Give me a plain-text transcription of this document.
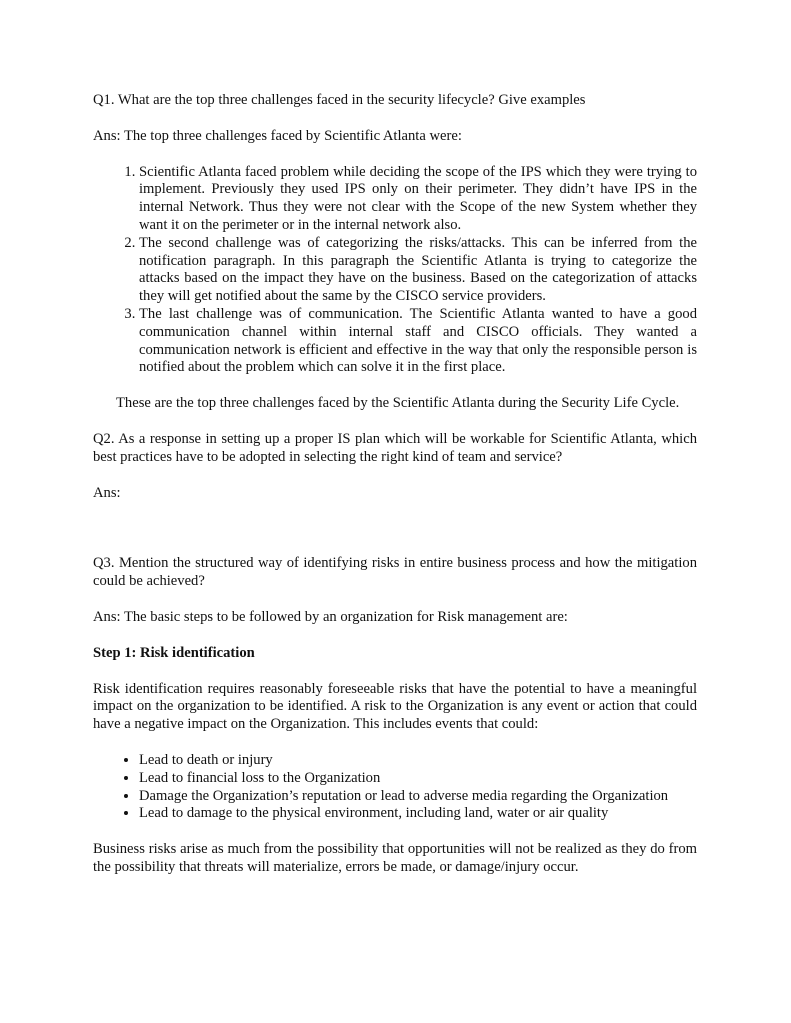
Q1. What are the top three challenges faced in the security lifecycle? Give examples

Ans: The top three challenges faced by Scientific Atlanta were:

1. Scientific Atlanta faced problem while deciding the scope of the IPS which they were trying to implement. Previously they used IPS only on their perimeter. They didn’t have IPS in the internal Network. Thus they were not clear with the Scope of the new System whether they want it on the perimeter or in the internal network also.
2. The second challenge was of categorizing the risks/attacks. This can be inferred from the notification paragraph. In this paragraph the Scientific Atlanta is trying to categorize the attacks based on the impact they have on the business. Based on the categorization of attacks they will get notified about the same by the CISCO service providers.
3. The last challenge was of communication. The Scientific Atlanta wanted to have a good communication channel within internal staff and CISCO officials. They wanted a communication network is efficient and effective in the way that only the responsible person is notified about the problem which can solve it in the first place.

These are the top three challenges faced by the Scientific Atlanta during the Security Life Cycle.

Q2. As a response in setting up a proper IS plan which will be workable for Scientific Atlanta, which best practices have to be adopted in selecting the right kind of team and service?

Ans:

Q3. Mention the structured way of identifying risks in entire business process and how the mitigation could be achieved?

Ans: The basic steps to be followed by an organization for Risk management are:

Step 1: Risk identification

Risk identification requires reasonably foreseeable risks that have the potential to have a meaningful impact on the organization to be identified. A risk to the Organization is any event or action that could have a negative impact on the Organization. This includes events that could:

• Lead to death or injury
• Lead to financial loss to the Organization
• Damage the Organization’s reputation or lead to adverse media regarding the Organization
• Lead to damage to the physical environment, including land, water or air quality

Business risks arise as much from the possibility that opportunities will not be realized as they do from the possibility that threats will materialize, errors be made, or damage/injury occur.
